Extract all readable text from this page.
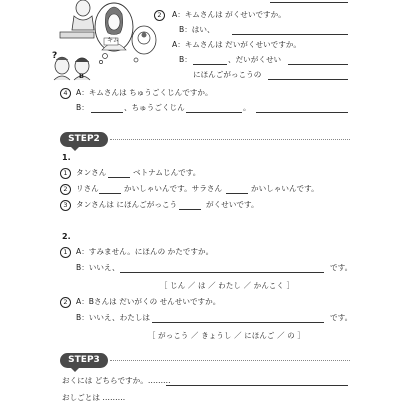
キム
?
B
2	A：キムさんは がくせいですか。
B：はい、
A：キムさんは だいがくせいですか。
B：	、だいがくせい
にほんごがっこうの
4	A：キムさんは ちゅうごくじんですか。
B：	、ちゅうごくじん	。
STEP2
1.
1	タンさん	ベトナムじんです。
2	リさん	かいしゃいんです。サラさん	かいしゃいんです。
3	タンさんは にほんごがっこう	がくせいです。
2.
1	A：すみません。にほんの かたですか。
B：いいえ、	です。
［ じん ／ は ／ わたし ／ かんこく ］
2	A：Bさんは だいがくの せんせいですか。
B：いいえ、わたしは	です。
［ がっこう ／ きょうし ／ にほんご ／ の ］
STEP3
おくには どちらですか。………
おしごとは ………
